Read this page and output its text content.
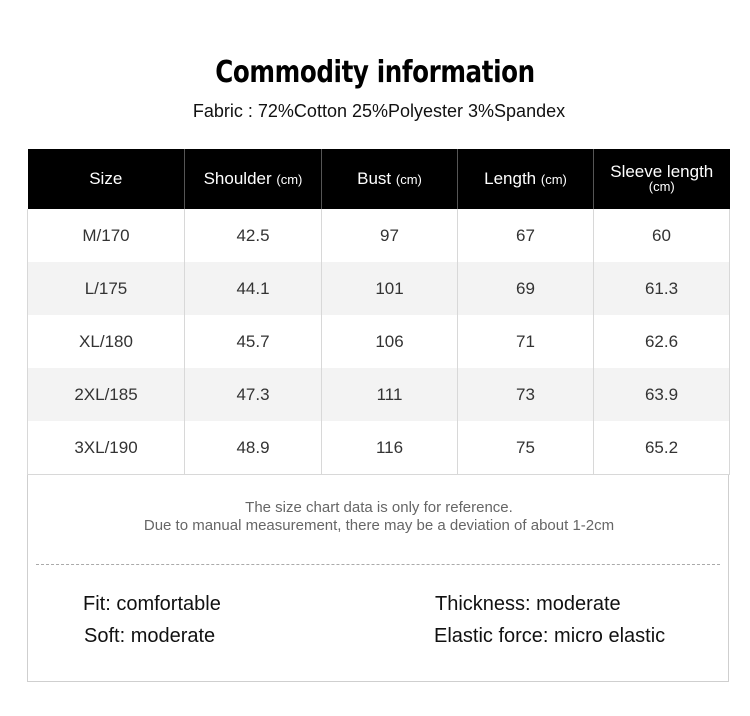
Commodity information
Fabric : 72%Cotton 25%Polyester 3%Spandex
Size	Shoulder (cm)	Bust (cm)	Length (cm)	Sleeve length
(cm)

M/170	42.5	97	67	60
L/175	44.1	101	69	61.3
XL/180	45.7	106	71	62.6
2XL/185	47.3	111	73	63.9
3XL/190	48.9	116	75	65.2
The size chart data is only for reference.
Due to manual measurement, there may be a deviation of about 1-2cm
Fit: comfortable
Soft: moderate
Thickness: moderate
Elastic force: micro elastic
